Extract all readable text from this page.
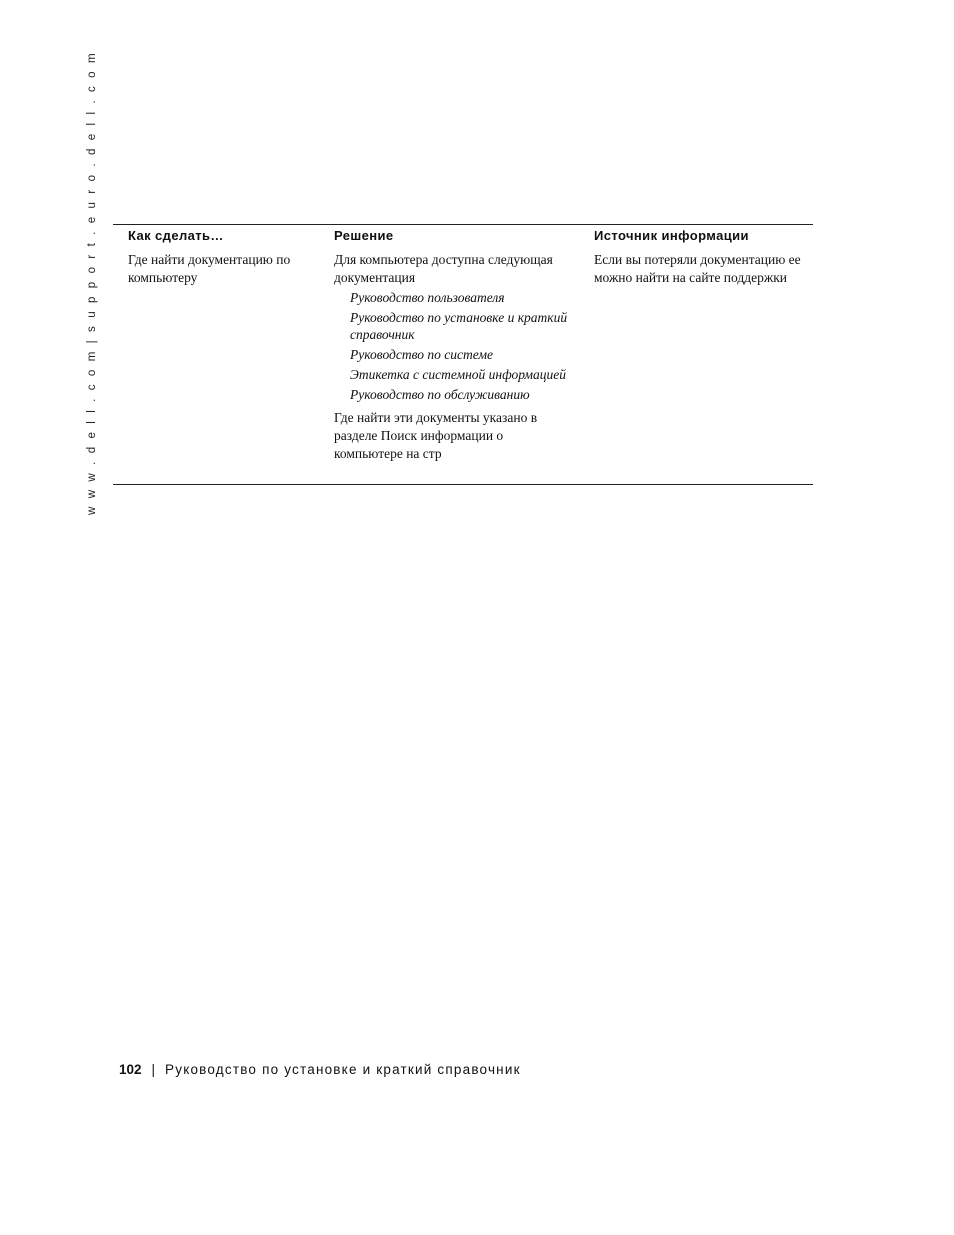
w w w . d e l l . c o m | s u p p o r t . e u r o . d e l l . c o m Как сделать…	Решение	Источник информации
Где найти документацию по компьютеру
Для компьютера доступна следующая документация
Руководство пользователя
Руководство по установке и краткий справочник
Руководство по системе
Этикетка с системной информацией
Руководство по обслуживанию
Где найти эти документы указано в разделе Поиск информации о компьютере на стр
Если вы потеряли документацию ее можно найти на сайте поддержки
102 | Руководство по установке и краткий справочник
